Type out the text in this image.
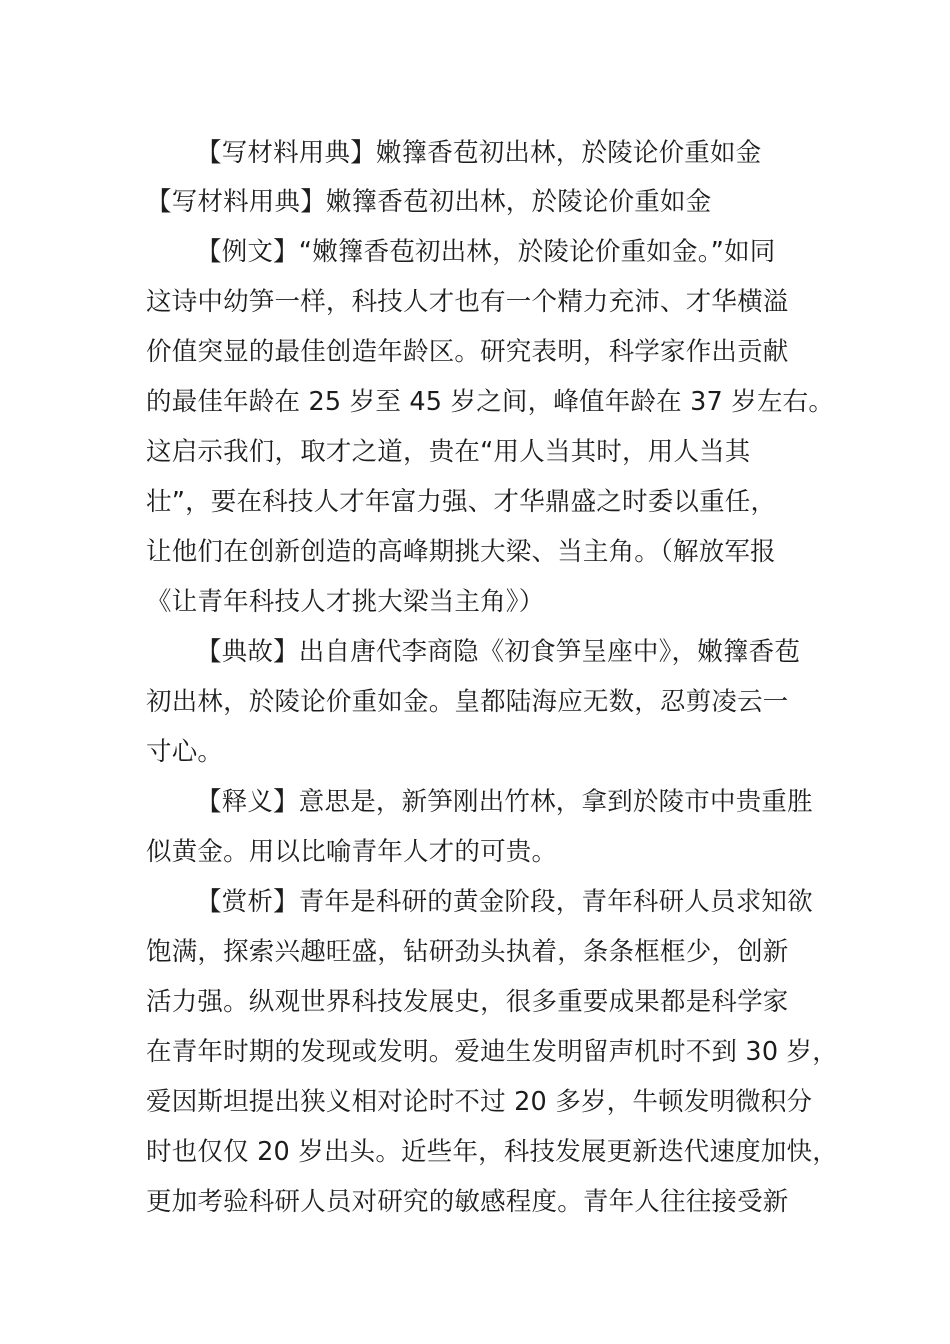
【写材料用典】嫩籜香苞初出林，於陵论价重如金
【写材料用典】嫩籜香苞初出林，於陵论价重如金
【例文】“嫩籜香苞初出林，於陵论价重如金。”如同
这诗中幼笋一样，科技人才也有一个精力充沛、才华横溢
价值突显的最佳创造年龄区。研究表明，科学家作出贡献
的最佳年龄在 25 岁至 45 岁之间，峰值年龄在 37 岁左右。
这启示我们，取才之道，贵在“用人当其时，用人当其
壮”，要在科技人才年富力强、才华鼎盛之时委以重任，
让他们在创新创造的高峰期挑大梁、当主角。（解放军报
《让青年科技人才挑大梁当主角》）
【典故】出自唐代李商隐《初食笋呈座中》，嫩籜香苞
初出林，於陵论价重如金。皇都陆海应无数，忍剪凌云一
寸心。
【释义】意思是，新笋刚出竹林，拿到於陵市中贵重胜
似黄金。用以比喻青年人才的可贵。
【赏析】青年是科研的黄金阶段，青年科研人员求知欲
饱满，探索兴趣旺盛，钻研劲头执着，条条框框少，创新
活力强。纵观世界科技发展史，很多重要成果都是科学家
在青年时期的发现或发明。爱迪生发明留声机时不到 30 岁，
爱因斯坦提出狭义相对论时不过 20 多岁，牛顿发明微积分
时也仅仅 20 岁出头。近些年，科技发展更新迭代速度加快，
更加考验科研人员对研究的敏感程度。青年人往往接受新
